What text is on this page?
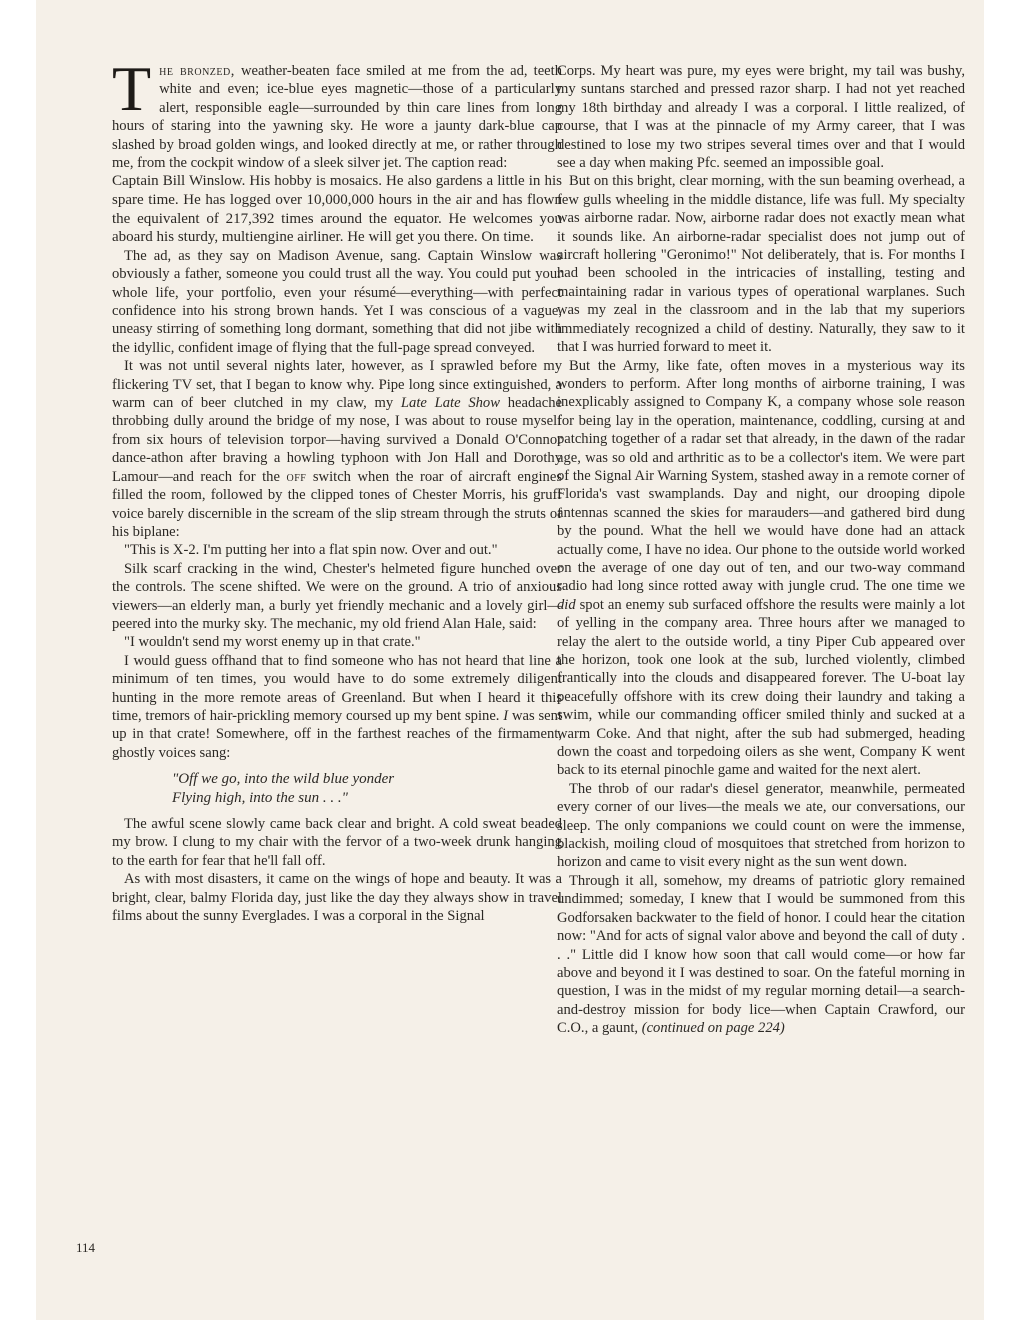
The bronzed, weather-beaten face smiled at me from the ad, teeth white and even; ice-blue eyes magnetic—those of a particularly alert, responsible eagle—surrounded by thin care lines from long hours of staring into the yawning sky. He wore a jaunty dark-blue cap slashed by broad golden wings, and looked directly at me, or rather through me, from the cockpit window of a sleek silver jet. The caption read:

Captain Bill Winslow. His hobby is mosaics. He also gardens a little in his spare time. He has logged over 10,000,000 hours in the air and has flown the equivalent of 217,392 times around the equator. He welcomes you aboard his sturdy, multiengine airliner. He will get you there. On time.

The ad, as they say on Madison Avenue, sang. Captain Winslow was obviously a father, someone you could trust all the way. You could put your whole life, your portfolio, even your résumé—everything—with perfect confidence into his strong brown hands. Yet I was conscious of a vague, uneasy stirring of something long dormant, something that did not jibe with the idyllic, confident image of flying that the full-page spread conveyed.

It was not until several nights later, however, as I sprawled before my flickering TV set, that I began to know why. Pipe long since extinguished, a warm can of beer clutched in my claw, my Late Late Show headache throbbing dully around the bridge of my nose, I was about to rouse myself from six hours of television torpor—having survived a Donald O'Connor dance-athon after braving a howling typhoon with Jon Hall and Dorothy Lamour—and reach for the off switch when the roar of aircraft engines filled the room, followed by the clipped tones of Chester Morris, his gruff voice barely discernible in the scream of the slip stream through the struts of his biplane:

"This is X-2. I'm putting her into a flat spin now. Over and out."

Silk scarf cracking in the wind, Chester's helmeted figure hunched over the controls. The scene shifted. We were on the ground. A trio of anxious viewers—an elderly man, a burly yet friendly mechanic and a lovely girl—peered into the murky sky. The mechanic, my old friend Alan Hale, said:

"I wouldn't send my worst enemy up in that crate."

I would guess offhand that to find someone who has not heard that line a minimum of ten times, you would have to do some extremely diligent hunting in the more remote areas of Greenland. But when I heard it this time, tremors of hair-prickling memory coursed up my bent spine. I was sent up in that crate! Somewhere, off in the farthest reaches of the firmament, ghostly voices sang:

"Off we go, into the wild blue yonder
Flying high, into the sun . . ."

The awful scene slowly came back clear and bright. A cold sweat beaded my brow. I clung to my chair with the fervor of a two-week drunk hanging to the earth for fear that he'll fall off.

As with most disasters, it came on the wings of hope and beauty. It was a bright, clear, balmy Florida day, just like the day they always show in travel films about the sunny Everglades. I was a corporal in the Signal

Corps. My heart was pure, my eyes were bright, my tail was bushy, my suntans starched and pressed razor sharp. I had not yet reached my 18th birthday and already I was a corporal. I little realized, of course, that I was at the pinnacle of my Army career, that I was destined to lose my two stripes several times over and that I would see a day when making Pfc. seemed an impossible goal.

But on this bright, clear morning, with the sun beaming overhead, a few gulls wheeling in the middle distance, life was full. My specialty was airborne radar. Now, airborne radar does not exactly mean what it sounds like. An airborne-radar specialist does not jump out of aircraft hollering "Geronimo!" Not deliberately, that is. For months I had been schooled in the intricacies of installing, testing and maintaining radar in various types of operational warplanes. Such was my zeal in the classroom and in the lab that my superiors immediately recognized a child of destiny. Naturally, they saw to it that I was hurried forward to meet it.

But the Army, like fate, often moves in a mysterious way its wonders to perform. After long months of airborne training, I was inexplicably assigned to Company K, a company whose sole reason for being lay in the operation, maintenance, coddling, cursing at and patching together of a radar set that already, in the dawn of the radar age, was so old and arthritic as to be a collector's item. We were part of the Signal Air Warning System, stashed away in a remote corner of Florida's vast swamplands. Day and night, our drooping dipole antennas scanned the skies for marauders—and gathered bird dung by the pound. What the hell we would have done had an attack actually come, I have no idea. Our phone to the outside world worked on the average of one day out of ten, and our two-way command radio had long since rotted away with jungle crud. The one time we did spot an enemy sub surfaced offshore the results were mainly a lot of yelling in the company area. Three hours after we managed to relay the alert to the outside world, a tiny Piper Cub appeared over the horizon, took one look at the sub, lurched violently, climbed frantically into the clouds and disappeared forever. The U-boat lay peacefully offshore with its crew doing their laundry and taking a swim, while our commanding officer smiled thinly and sucked at a warm Coke. And that night, after the sub had submerged, heading down the coast and torpedoing oilers as she went, Company K went back to its eternal pinochle game and waited for the next alert.

The throb of our radar's diesel generator, meanwhile, permeated every corner of our lives—the meals we ate, our conversations, our sleep. The only companions we could count on were the immense, blackish, moiling cloud of mosquitoes that stretched from horizon to horizon and came to visit every night as the sun went down.

Through it all, somehow, my dreams of patriotic glory remained undimmed; someday, I knew that I would be summoned from this Godforsaken backwater to the field of honor. I could hear the citation now: "And for acts of signal valor above and beyond the call of duty . . ." Little did I know how soon that call would come—or how far above and beyond it I was destined to soar. On the fateful morning in question, I was in the midst of my regular morning detail—a search-and-destroy mission for body lice—when Captain Crawford, our C.O., a gaunt, (continued on page 224)

114
